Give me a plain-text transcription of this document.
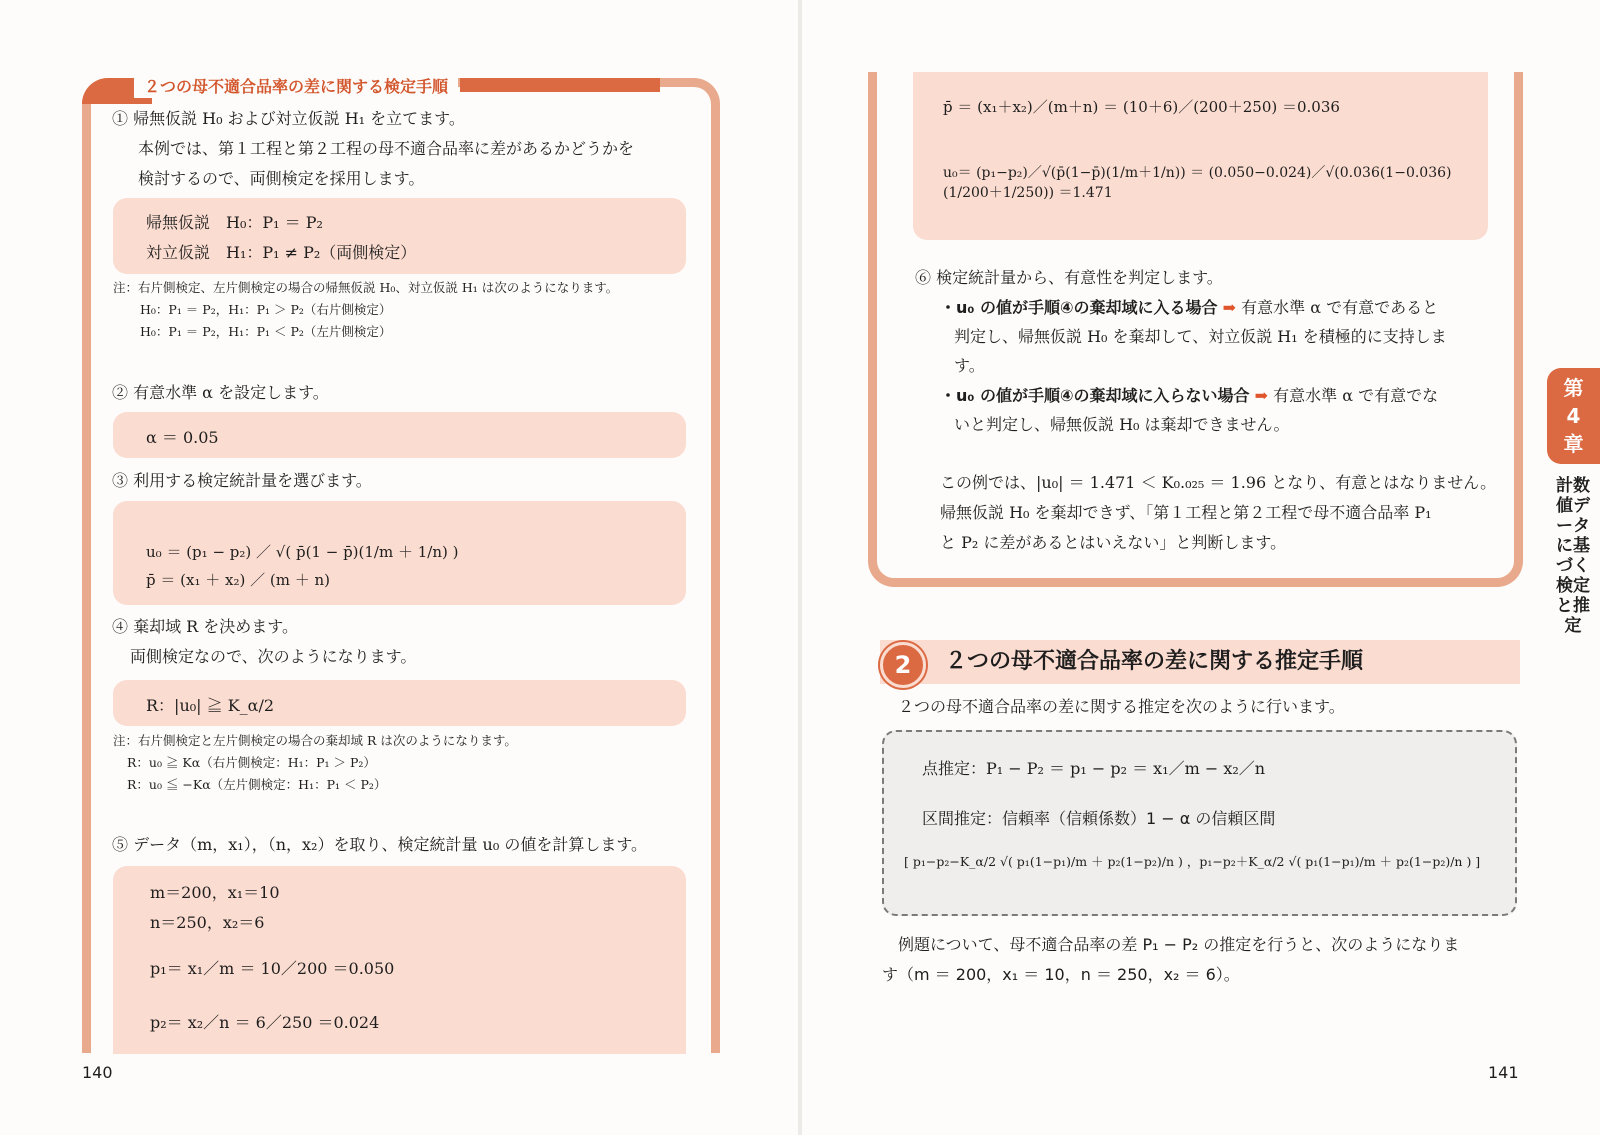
２つの母不適合品率の差に関する検定手順
① 帰無仮説 H₀ および対立仮説 H₁ を立てます。
本例では、第１工程と第２工程の母不適合品率に差があるかどうかを
検討するので、両側検定を採用します。
帰無仮説　H₀：P₁ ＝ P₂
対立仮説　H₁：P₁ ≠ P₂（両側検定）
注：右片側検定、左片側検定の場合の帰無仮説 H₀、対立仮説 H₁ は次のようになります。
H₀：P₁ ＝ P₂，H₁：P₁ ＞ P₂（右片側検定）
H₀：P₁ ＝ P₂，H₁：P₁ ＜ P₂（左片側検定）
② 有意水準 α を設定します。
α ＝ 0.05
③ 利用する検定統計量を選びます。
u₀ ＝ (p₁ − p₂) ／ √( p̄(1 − p̄)(1/m ＋ 1/n) )
p̄ ＝ (x₁ ＋ x₂) ／ (m ＋ n)
④ 棄却域 R を決めます。
両側検定なので、次のようになります。
R：|u₀| ≧ K_α/2
注：右片側検定と左片側検定の場合の棄却域 R は次のようになります。
R：u₀ ≧ Kα（右片側検定：H₁：P₁ ＞ P₂）
R：u₀ ≦ −Kα（左片側検定：H₁：P₁ ＜ P₂）
⑤ データ（m，x₁），（n，x₂）を取り、検定統計量 u₀ の値を計算します。
m＝200，x₁＝10
n＝250，x₂＝6
p₁＝ x₁／m ＝ 10／200 ＝0.050
p₂＝ x₂／n ＝ 6／250 ＝0.024
140
p̄ ＝ (x₁＋x₂)／(m＋n) ＝ (10＋6)／(200＋250) ＝0.036
u₀＝ (p₁−p₂)／√(p̄(1−p̄)(1/m＋1/n)) ＝ (0.050−0.024)／√(0.036(1−0.036)(1/200＋1/250)) ＝1.471
⑥ 検定統計量から、有意性を判定します。
・u₀ の値が手順④の棄却域に入る場合 ➡ 有意水準 α で有意であると
判定し、帰無仮説 H₀ を棄却して、対立仮説 H₁ を積極的に支持しま
す。
・u₀ の値が手順④の棄却域に入らない場合 ➡ 有意水準 α で有意でな
いと判定し、帰無仮説 H₀ は棄却できません。
この例では、|u₀| ＝ 1.471 ＜ K₀.₀₂₅ ＝ 1.96 となり、有意とはなりません。
帰無仮説 H₀ を棄却できず、「第１工程と第２工程で母不適合品率 P₁
と P₂ に差があるとはいえない」と判断します。
2	２つの母不適合品率の差に関する推定手順
２つの母不適合品率の差に関する推定を次のように行います。
点推定：P₁ − P₂ ＝ p₁ − p₂ ＝ x₁／m − x₂／n
区間推定：信頼率（信頼係数）1 − α の信頼区間
[ p₁−p₂−K_α/2 √( p₁(1−p₁)/m ＋ p₂(1−p₂)/n ) ，p₁−p₂＋K_α/2 √( p₁(1−p₁)/m ＋ p₂(1−p₂)/n ) ]
例題について、母不適合品率の差 P₁ − P₂ の推定を行うと、次のようになりま
す（m ＝ 200，x₁ ＝ 10，n ＝ 250，x₂ ＝ 6）。
第4章
計数値データに基づく検定と推定
141
